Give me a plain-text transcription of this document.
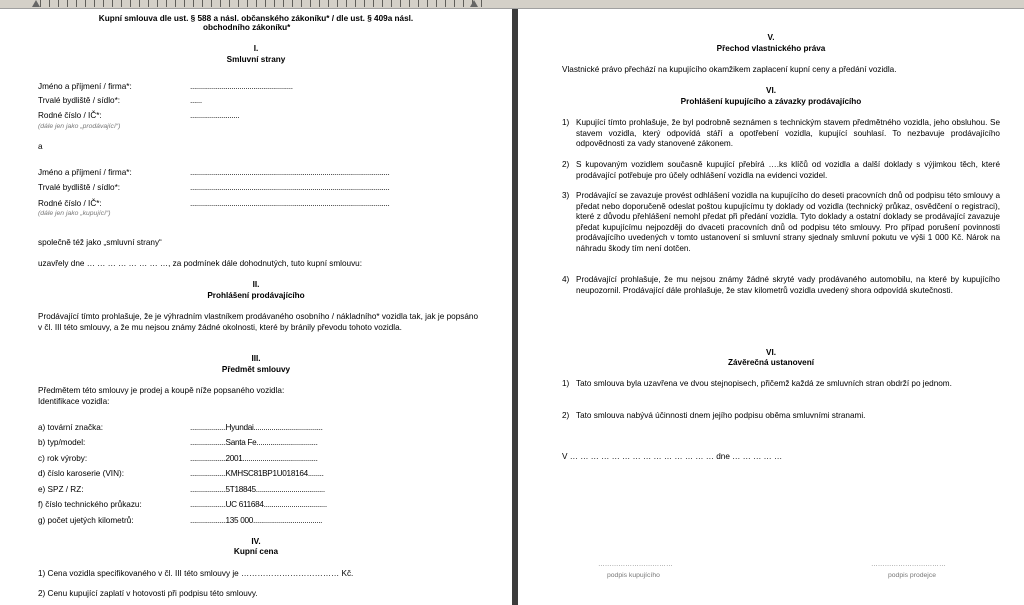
Kupní smlouva dle ust. § 588 a násl. občanského zákoníku* / dle ust. § 409a násl.
obchodního zákoníku*
I.
Smluvní strany
Jméno a příjmení / firma*:	....................................................
Trvalé bydliště / sídlo*:	......
Rodné číslo / IČ*:	.........................
(dále jen jako „prodávající“)
a
Jméno a příjmení / firma*:	.....................................................................................................
Trvalé bydliště / sídlo*:	.....................................................................................................
Rodné číslo / IČ*:	.....................................................................................................
(dále jen jako „kupující“)
společně též jako „smluvní strany“
uzavřely dne … … … … … … … …, za podmínek dále dohodnutých, tuto kupní smlouvu:
II.
Prohlášení prodávajícího
Prodávající tímto prohlašuje, že je výhradním vlastníkem prodávaného osobního / nákladního* vozidla tak, jak je popsáno v čl. III této smlouvy, a že mu nejsou známy žádné okolnosti, které by bránily převodu tohoto vozidla.
III.
Předmět smlouvy
Předmětem této smlouvy je prodej a koupě níže popsaného vozidla:
Identifikace vozidla:
a) tovární značka:	..................Hyundai...................................
b) typ/model:	..................Santa Fe...............................
c) rok výroby:	..................2001......................................
d) číslo karoserie (VIN):	..................KMHSC81BP1U018164........
e) SPZ / RZ:	..................5T18845...................................
f) číslo technického průkazu:	..................UC 611684................................
g) počet ujetých kilometrů:	..................135 000...................................
IV.
Kupní cena
1) Cena vozidla specifikovaného v čl. III této smlouvy je ……………………………… Kč.
2) Cenu kupující zaplatí v hotovosti při podpisu této smlouvy.
V.
Přechod vlastnického práva
Vlastnické právo přechází na kupujícího okamžikem zaplacení kupní ceny a předání vozidla.
VI.
Prohlášení kupujícího a závazky prodávajícího
1) Kupující tímto prohlašuje, že byl podrobně seznámen s technickým stavem předmětného vozidla, jeho obsluhou. Se stavem vozidla, který odpovídá stáří a opotřebení vozidla, kupující souhlasí. To nezbavuje prodávajícího odpovědnosti za vady stanovené zákonem.
2) S kupovaným vozidlem současně kupující přebírá ….ks klíčů od vozidla a další doklady s výjimkou těch, které prodávající potřebuje pro účely odhlášení vozidla na evidenci vozidel.
3) Prodávající se zavazuje provést odhlášení vozidla na kupujícího do deseti pracovních dnů od podpisu této smlouvy a předat nebo doporučeně odeslat poštou kupujícímu ty doklady od vozidla (technický průkaz, osvědčení o registraci), které z důvodu přehlášení nemohl předat při předání vozidla. Tyto doklady a ostatní doklady se prodávající zavazuje předat kupujícímu nejpozději do dvaceti pracovních dnů od podpisu této smlouvy. Pro případ porušení povinnosti prodávajícího uvedených v tomto ustanovení si smluvní strany sjednaly smluvní pokutu ve výši 1 000 Kč. Nárok na náhradu škody tím není dotčen.
4) Prodávající prohlašuje, že mu nejsou známy žádné skryté vady prodávaného automobilu, na které by kupujícího neupozornil. Prodávající dále prohlašuje, že stav kilometrů vozidla uvedený shora odpovídá skutečnosti.
VI.
Závěrečná ustanovení
1) Tato smlouva byla uzavřena ve dvou stejnopisech, přičemž každá ze smluvních stran obdrží po jednom.
2) Tato smlouva nabývá účinnosti dnem jejího podpisu oběma smluvními stranami.
V … … … … … … … … … … … … … … dne … … … … …
……………………………
podpis kupujícího
……………………………
podpis prodejce
